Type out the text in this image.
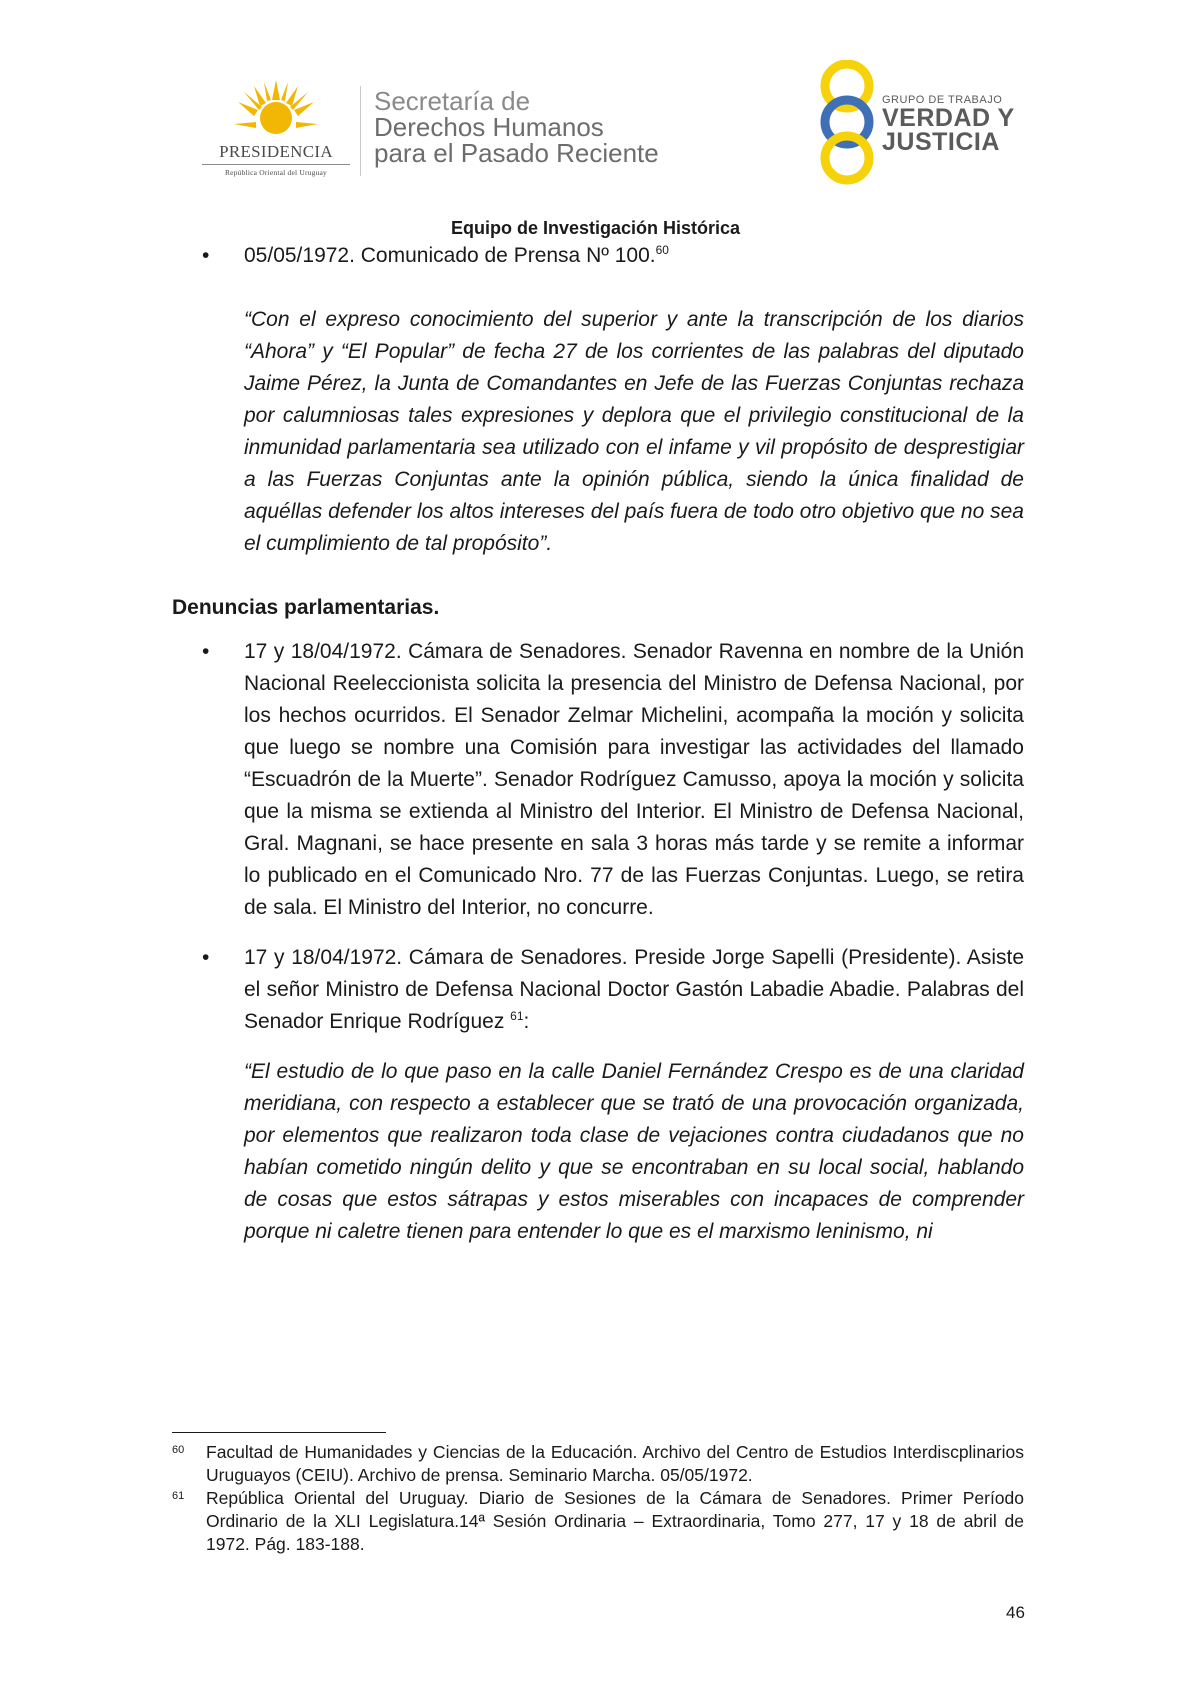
PRESIDENCIA
República Oriental del Uruguay
Secretaría de
Derechos Humanos
para el Pasado Reciente
GRUPO DE TRABAJO
VERDAD Y
JUSTICIA
Equipo de Investigación Histórica
• 05/05/1972. Comunicado de Prensa Nº 100.60

“Con el expreso conocimiento del superior y ante la transcripción de los diarios “Ahora” y “El Popular” de fecha 27 de los corrientes de las palabras del diputado Jaime Pérez, la Junta de Comandantes en Jefe de las Fuerzas Conjuntas rechaza por calumniosas tales expresiones y deplora que el privilegio constitucional de la inmunidad parlamentaria sea utilizado con el infame y vil propósito de desprestigiar a las Fuerzas Conjuntas ante la opinión pública, siendo la única finalidad de aquéllas defender los altos intereses del país fuera de todo otro objetivo que no sea el cumplimiento de tal propósito”.

Denuncias parlamentarias.

• 17 y 18/04/1972. Cámara de Senadores. Senador Ravenna en nombre de la Unión Nacional Reeleccionista solicita la presencia del Ministro de Defensa Nacional, por los hechos ocurridos. El Senador Zelmar Michelini, acompaña la moción y solicita que luego se nombre una Comisión para investigar las actividades del llamado “Escuadrón de la Muerte”. Senador Rodríguez Camusso, apoya la moción y solicita que la misma se extienda al Ministro del Interior. El Ministro de Defensa Nacional, Gral. Magnani, se hace presente en sala 3 horas más tarde y se remite a informar lo publicado en el Comunicado Nro. 77 de las Fuerzas Conjuntas. Luego, se retira de sala. El Ministro del Interior, no concurre.

• 17 y 18/04/1972. Cámara de Senadores. Preside Jorge Sapelli (Presidente). Asiste el señor Ministro de Defensa Nacional Doctor Gastón Labadie Abadie. Palabras del Senador Enrique Rodríguez $^{61}$:

“El estudio de lo que paso en la calle Daniel Fernández Crespo es de una claridad meridiana, con respecto a establecer que se trató de una provocación organizada, por elementos que realizaron toda clase de vejaciones contra ciudadanos que no habían cometido ningún delito y que se encontraban en su local social, hablando de cosas que estos sátrapas y estos miserables con incapaces de comprender porque ni caletre tienen para entender lo que es el marxismo leninismo, ni

60 Facultad de Humanidades y Ciencias de la Educación. Archivo del Centro de Estudios Interdiscplinarios Uruguayos (CEIU). Archivo de prensa. Seminario Marcha. 05/05/1972.

61 República Oriental del Uruguay. Diario de Sesiones de la Cámara de Senadores. Primer Período Ordinario de la XLI Legislatura.14ª Sesión Ordinaria – Extraordinaria, Tomo 277, 17 y 18 de abril de 1972. Pág. 183-188.

46
